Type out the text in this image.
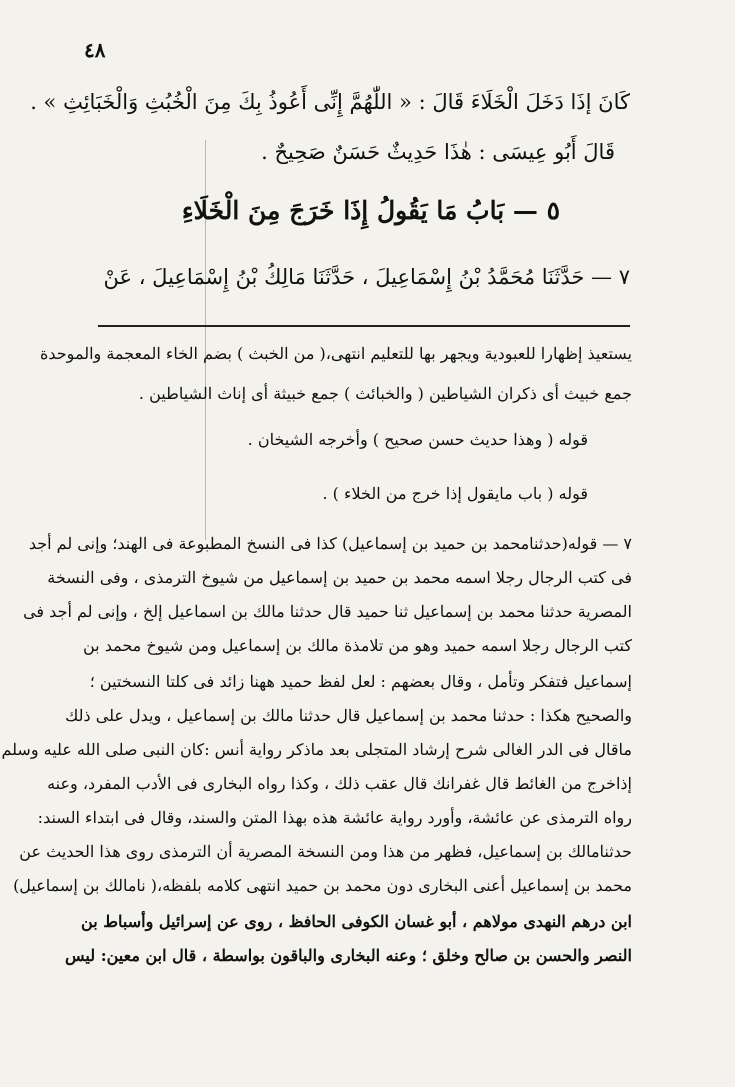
٤٨
كَانَ إذَا دَخَلَ الْخَلَاءَ قَالَ : « اللّٰهُمَّ إِنِّى أَعُوذُ بِكَ مِنَ الْخُبُثِ وَالْخَبَائِثِ » .
قَالَ أَبُو عِيسَى : هٰذَا حَدِيثٌ حَسَنٌ صَحِيحٌ .
٥ — بَابُ مَا يَقُولُ إِذَا خَرَجَ مِنَ الْخَلَاءِ
٧ — حَدَّثَنَا مُحَمَّدُ بْنُ إِسْمَاعِيلَ ، حَدَّثَنَا مَالِكُ بْنُ إِسْمَاعِيلَ ، عَنْ
يستعيذ إظهارا للعبودية ويجهر بها للتعليم انتهى،( من الخبث ) بضم الخاء المعجمة والموحدة
جمع خبيث أى ذكران الشياطين ( والخبائث ) جمع خبيثة أى إناث الشياطين .
قوله ( وهذا حديث حسن صحيح ) وأخرجه الشيخان .
قوله ( باب مايقول إذا خرج من الخلاء ) .
٧ — قوله(حدثنامحمد بن حميد بن إسماعيل) كذا فى النسخ المطبوعة فى الهند؛ وإنى لم أجد
فى كتب الرجال رجلا اسمه محمد بن حميد بن إسماعيل من شيوخ الترمذى ، وفى النسخة
المصرية حدثنا محمد بن إسماعيل ثنا حميد قال حدثنا مالك بن اسماعيل إلخ ، وإنى لم أجد فى
كتب الرجال رجلا اسمه حميد وهو من تلامذة مالك بن إسماعيل ومن شيوخ محمد بن
إسماعيل فتفكر وتأمل ، وقال بعضهم : لعل لفظ حميد ههنا زائد فى كلتا النسختين ؛
والصحيح هكذا : حدثنا محمد بن إسماعيل قال حدثنا مالك بن إسماعيل ، ويدل على ذلك
ماقال فى الدر الغالى شرح إرشاد المتجلى بعد ماذكر رواية أنس :كان النبى صلى الله عليه وسلم
إذاخرج من الغائط قال غفرانك قال عقب ذلك ، وكذا رواه البخارى فى الأدب المفرد، وعنه
رواه الترمذى عن عائشة، وأورد رواية عائشة هذه بهذا المتن والسند، وقال فى ابتداء السند:
حدثنامالك بن إسماعيل، فظهر من هذا ومن النسخة المصرية أن الترمذى روى هذا الحديث عن
محمد بن إسماعيل أعنى البخارى دون محمد بن حميد انتهى كلامه بلفظه،( نامالك بن إسماعيل)
ابن درهم النهدى مولاهم ، أبو غسان الكوفى الحافظ ، روى عن إسرائيل وأسباط بن
النصر والحسن بن صالح وخلق ؛ وعنه البخارى والباقون بواسطة ، قال ابن معين: ليس
